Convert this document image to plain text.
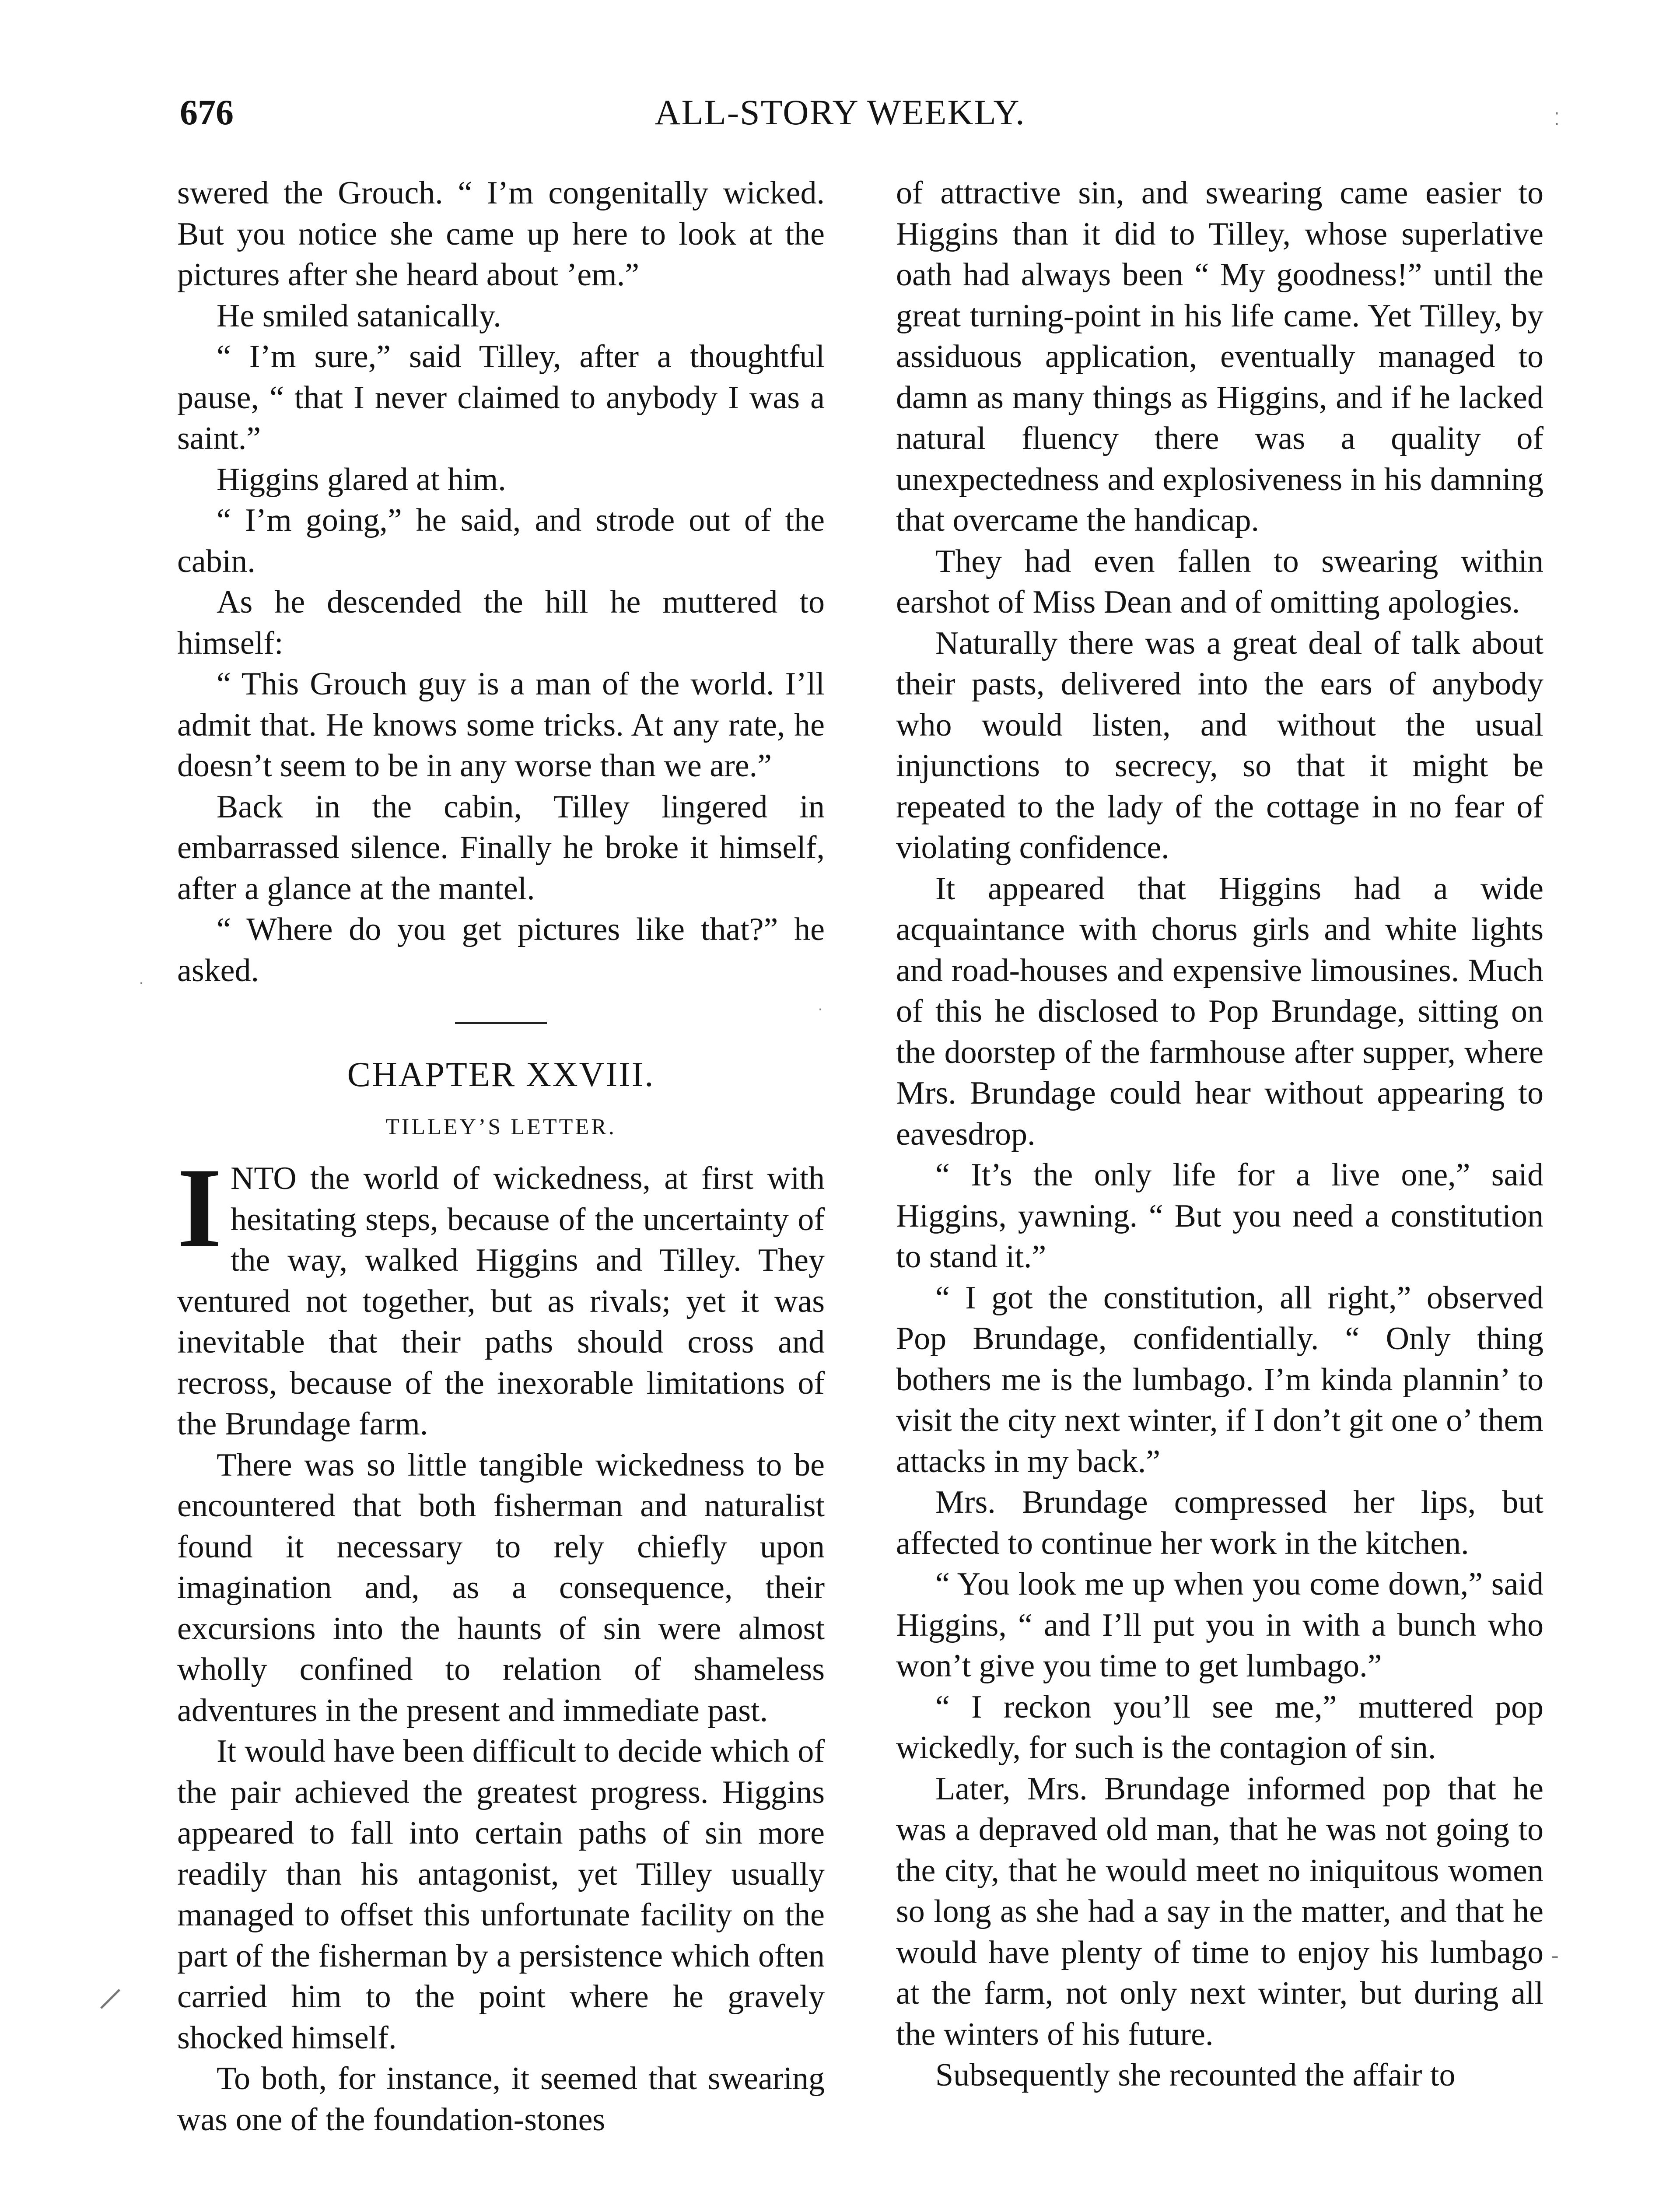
676	ALL-STORY WEEKLY.	⁚
·
·
|
-

swered the Grouch. “ I’m congenitally wicked. But you notice she came up here to look at the pictures after she heard about ’em.”

He smiled satanically.

“ I’m sure,” said Tilley, after a thoughtful pause, “ that I never claimed to anybody I was a saint.”

Higgins glared at him.

“ I’m going,” he said, and strode out of the cabin.

As he descended the hill he muttered to himself:

“ This Grouch guy is a man of the world. I’ll admit that. He knows some tricks. At any rate, he doesn’t seem to be in any worse than we are.”

Back in the cabin, Tilley lingered in embarrassed silence. Finally he broke it himself, after a glance at the mantel.

“ Where do you get pictures like that?” he asked.

CHAPTER XXVIII.
TILLEY’S LETTER.

INTO the world of wickedness, at first with hesitating steps, because of the uncertainty of the way, walked Higgins and Tilley. They ventured not together, but as rivals; yet it was inevitable that their paths should cross and recross, because of the inexorable limitations of the Brundage farm.

There was so little tangible wickedness to be encountered that both fisherman and naturalist found it necessary to rely chiefly upon imagination and, as a consequence, their excursions into the haunts of sin were almost wholly confined to relation of shameless adventures in the present and immediate past.

It would have been difficult to decide which of the pair achieved the greatest progress. Higgins appeared to fall into certain paths of sin more readily than his antagonist, yet Tilley usually managed to offset this unfortunate facility on the part of the fisherman by a persistence which often carried him to the point where he gravely shocked himself.

To both, for instance, it seemed that swearing was one of the foundation-stones

of attractive sin, and swearing came easier to Higgins than it did to Tilley, whose superlative oath had always been “ My goodness!” until the great turning-point in his life came. Yet Tilley, by assiduous application, eventually managed to damn as many things as Higgins, and if he lacked natural fluency there was a quality of unexpectedness and explosiveness in his damning that overcame the handicap.

They had even fallen to swearing within earshot of Miss Dean and of omitting apologies.

Naturally there was a great deal of talk about their pasts, delivered into the ears of anybody who would listen, and without the usual injunctions to secrecy, so that it might be repeated to the lady of the cottage in no fear of violating confidence.

It appeared that Higgins had a wide acquaintance with chorus girls and white lights and road-houses and expensive limousines. Much of this he disclosed to Pop Brundage, sitting on the doorstep of the farmhouse after supper, where Mrs. Brundage could hear without appearing to eavesdrop.

“ It’s the only life for a live one,” said Higgins, yawning. “ But you need a constitution to stand it.”

“ I got the constitution, all right,” observed Pop Brundage, confidentially. “ Only thing bothers me is the lumbago. I’m kinda plannin’ to visit the city next winter, if I don’t git one o’ them attacks in my back.”

Mrs. Brundage compressed her lips, but affected to continue her work in the kitchen.

“ You look me up when you come down,” said Higgins, “ and I’ll put you in with a bunch who won’t give you time to get lumbago.”

“ I reckon you’ll see me,” muttered pop wickedly, for such is the contagion of sin.

Later, Mrs. Brundage informed pop that he was a depraved old man, that he was not going to the city, that he would meet no iniquitous women so long as she had a say in the matter, and that he would have plenty of time to enjoy his lumbago at the farm, not only next winter, but during all the winters of his future.

Subsequently she recounted the affair to
